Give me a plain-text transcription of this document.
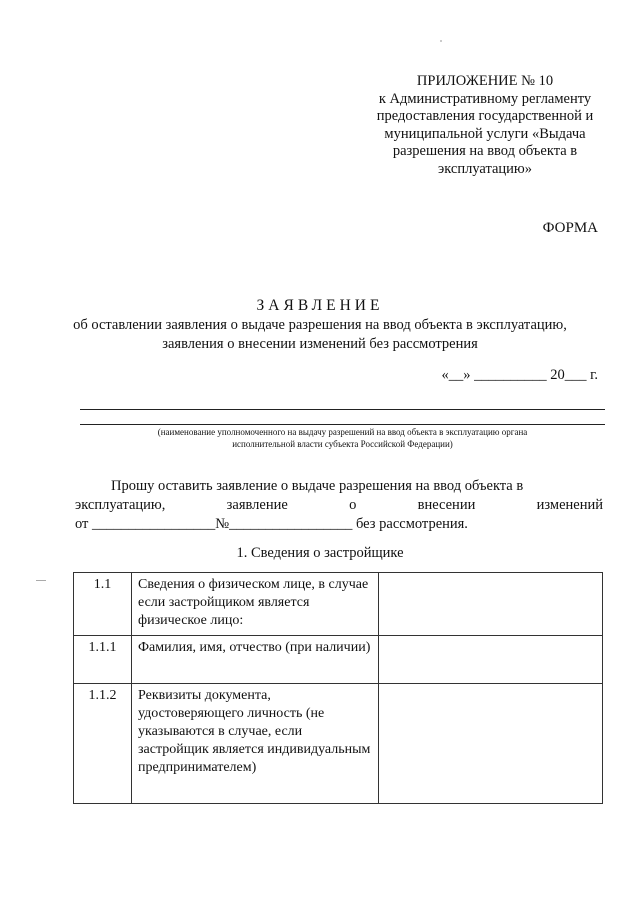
ПРИЛОЖЕНИЕ № 10
к Административному регламенту
предоставления государственной и
муниципальной услуги «Выдача
разрешения на ввод объекта в
эксплуатацию»
ФОРМА
ЗАЯВЛЕНИЕ
об оставлении заявления о выдаче разрешения на ввод объекта в эксплуатацию,
заявления о внесении изменений без рассмотрения
«__» __________ 20___ г.
(наименование уполномоченного на выдачу разрешений на ввод объекта в эксплуатацию органа
исполнительной власти субъекта Российской Федерации)
Прошу оставить заявление о выдаче разрешения на ввод объекта в
эксплуатацию, заявление о внесении изменений
от _________________№_________________ без рассмотрения.
1. Сведения о застройщике
1.1	Сведения о физическом лице, в случае если застройщиком является физическое лицо:	
1.1.1	Фамилия, имя, отчество (при наличии)	
1.1.2	Реквизиты документа, удостоверяющего личность (не указываются в случае, если застройщик является индивидуальным предпринимателем)	
